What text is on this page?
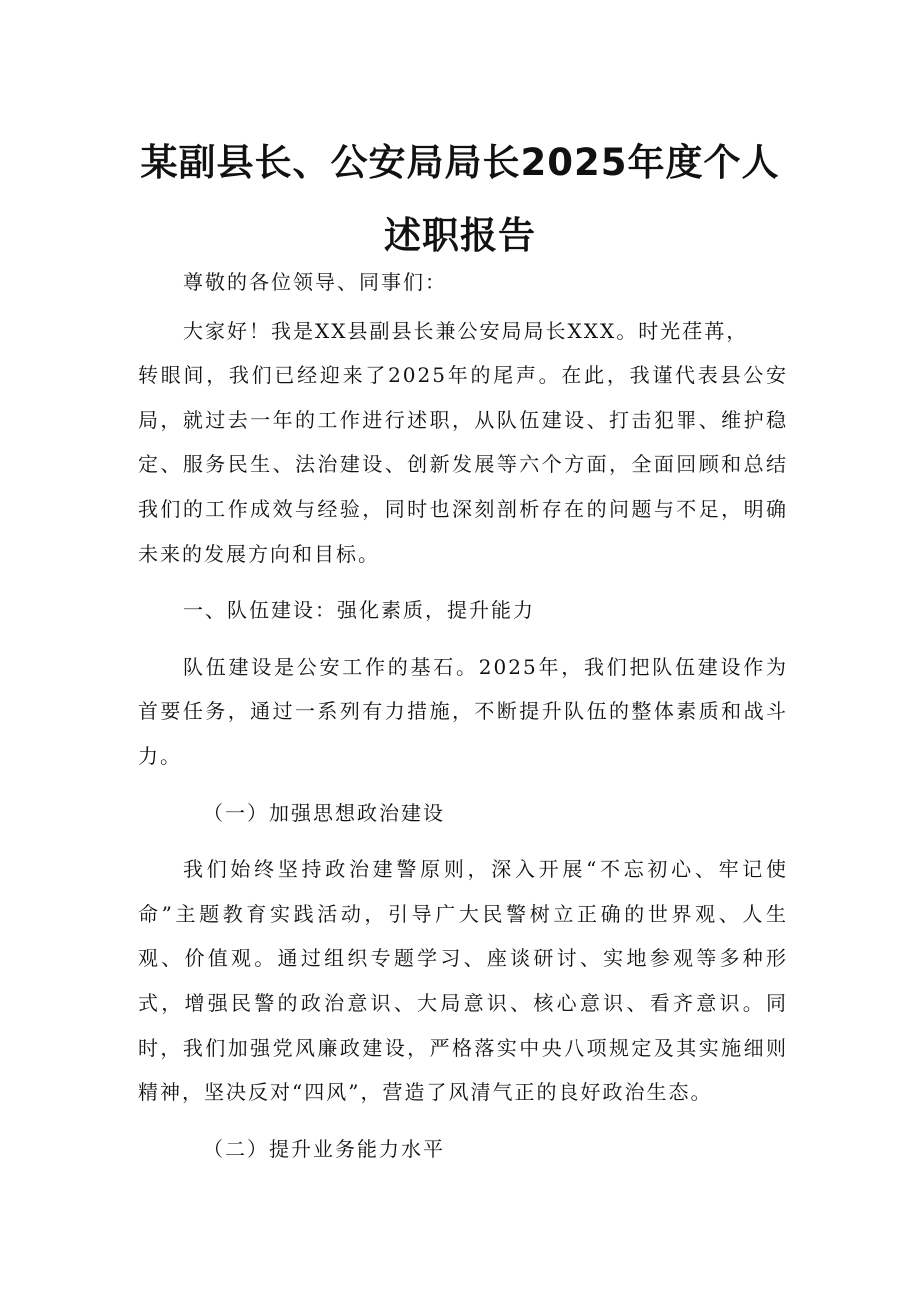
某副县长、公安局局长2025年度个人
述职报告

尊敬的各位领导、同事们：

大家好！我是XX县副县长兼公安局局长XXX。时光荏苒，

转眼间，我们已经迎来了2025年的尾声。在此，我谨代表县公安局，就过去一年的工作进行述职，从队伍建设、打击犯罪、维护稳定、服务民生、法治建设、创新发展等六个方面，全面回顾和总结我们的工作成效与经验，同时也深刻剖析存在的问题与不足，明确未来的发展方向和目标。

一、队伍建设：强化素质，提升能力

队伍建设是公安工作的基石。2025年，我们把队伍建设作为首要任务，通过一系列有力措施，不断提升队伍的整体素质和战斗力。

（一）加强思想政治建设

我们始终坚持政治建警原则，深入开展“不忘初心、牢记使命”主题教育实践活动，引导广大民警树立正确的世界观、人生观、价值观。通过组织专题学习、座谈研讨、实地参观等多种形式，增强民警的政治意识、大局意识、核心意识、看齐意识。同时，我们加强党风廉政建设，严格落实中央八项规定及其实施细则精神，坚决反对“四风”，营造了风清气正的良好政治生态。

（二）提升业务能力水平
